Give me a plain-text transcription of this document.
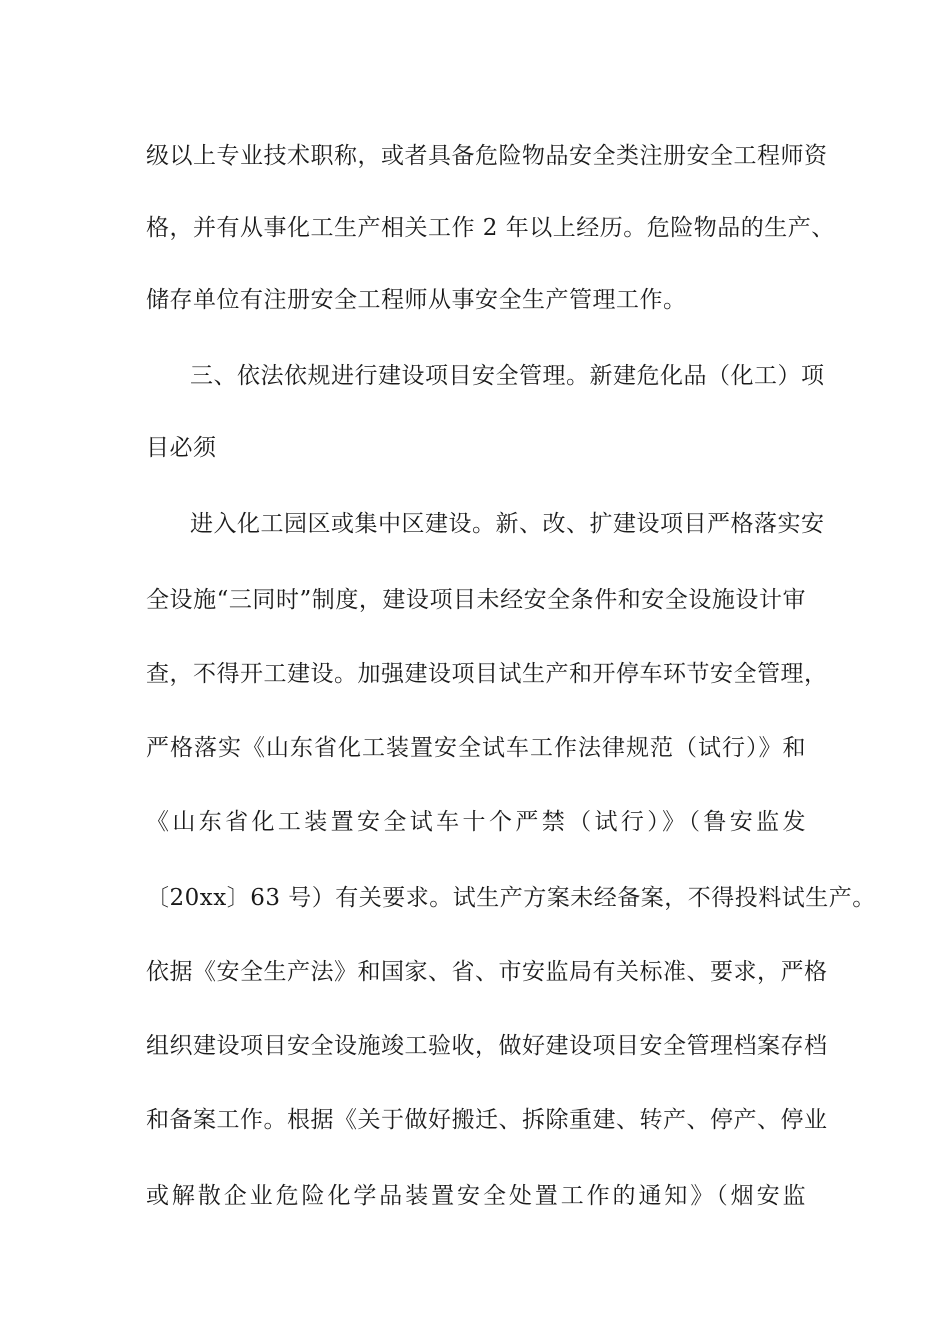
级以上专业技术职称，或者具备危险物品安全类注册安全工程师资
格，并有从事化工生产相关工作 2 年以上经历。危险物品的生产、
储存单位有注册安全工程师从事安全生产管理工作。
三、依法依规进行建设项目安全管理。新建危化品（化工）项
目必须
进入化工园区或集中区建设。新、改、扩建设项目严格落实安
全设施“三同时”制度，建设项目未经安全条件和安全设施设计审
查，不得开工建设。加强建设项目试生产和开停车环节安全管理，
严格落实《山东省化工装置安全试车工作法律规范（试行）》和
《山东省化工装置安全试车十个严禁（试行）》（鲁安监发
〔20xx〕63 号）有关要求。试生产方案未经备案，不得投料试生产。
依据《安全生产法》和国家、省、市安监局有关标准、要求，严格
组织建设项目安全设施竣工验收，做好建设项目安全管理档案存档
和备案工作。根据《关于做好搬迁、拆除重建、转产、停产、停业
或解散企业危险化学品装置安全处置工作的通知》（烟安监
